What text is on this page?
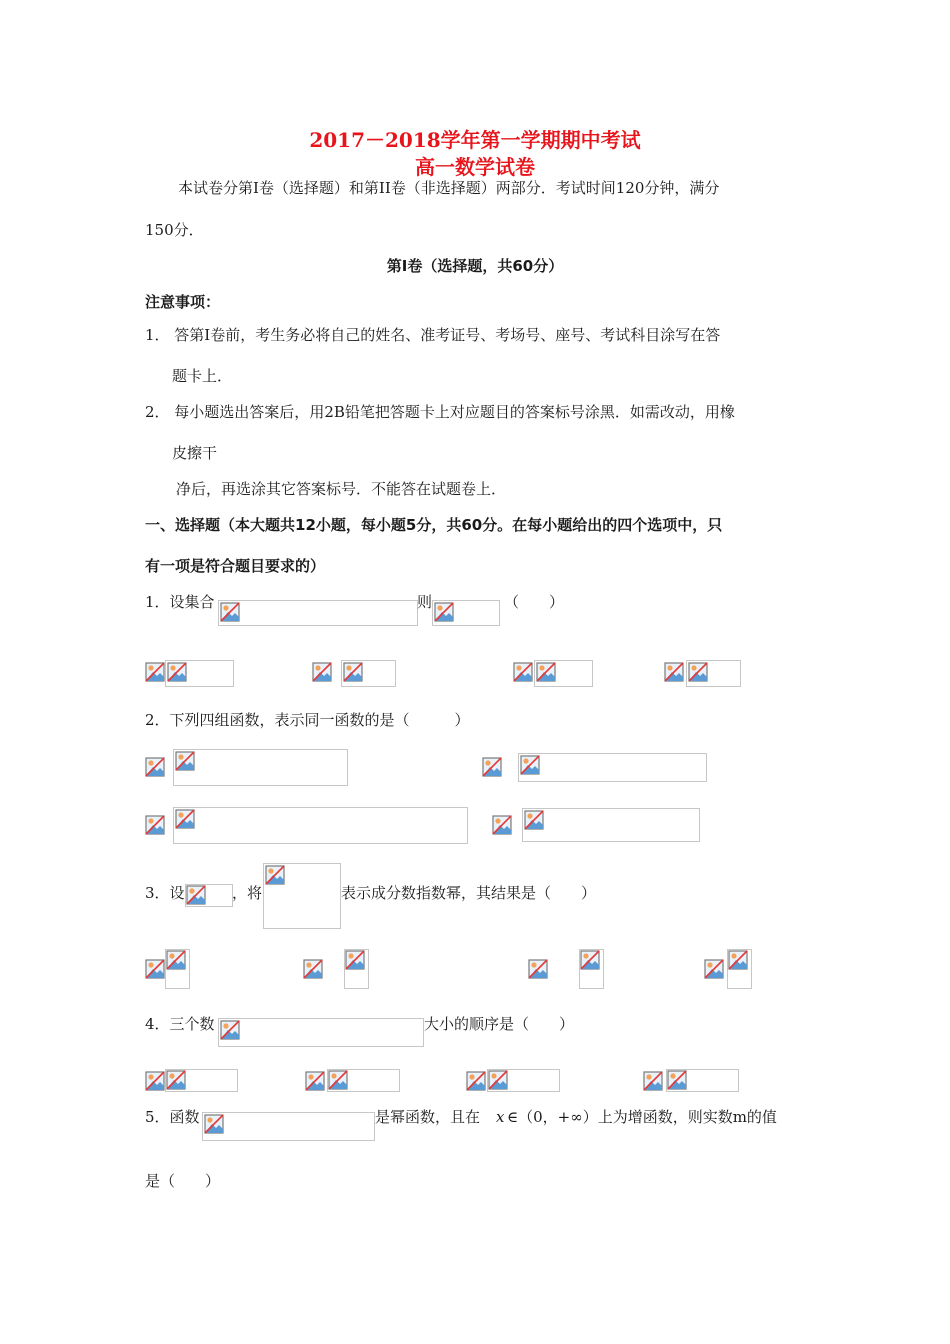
2017－2018学年第一学期期中考试
高一数学试卷
本试卷分第Ⅰ卷（选择题）和第II卷（非选择题）两部分．考试时间120分钟，满分
150分．
第Ⅰ卷（选择题，共60分）
注意事项：
1． 答第Ⅰ卷前，考生务必将自己的姓名、准考证号、考场号、座号、考试科目涂写在答
题卡上．
2． 每小题选出答案后，用2B铅笔把答题卡上对应题目的答案标号涂黑．如需改动，用橡
皮擦干
净后，再选涂其它答案标号．不能答在试题卷上．
一、选择题（本大题共12小题，每小题5分，共60分。在每小题给出的四个选项中，只
有一项是符合题目要求的）
1．设集合	则	（　　）
2．下列四组函数，表示同一函数的是（　　　）
3．设	，将	表示成分数指数幂，其结果是（　　）
4．三个数	大小的顺序是（　　）
5．函数	是幂函数，且在 x ∈（0，+∞）上为增函数，则实数m的值
是（　　）
